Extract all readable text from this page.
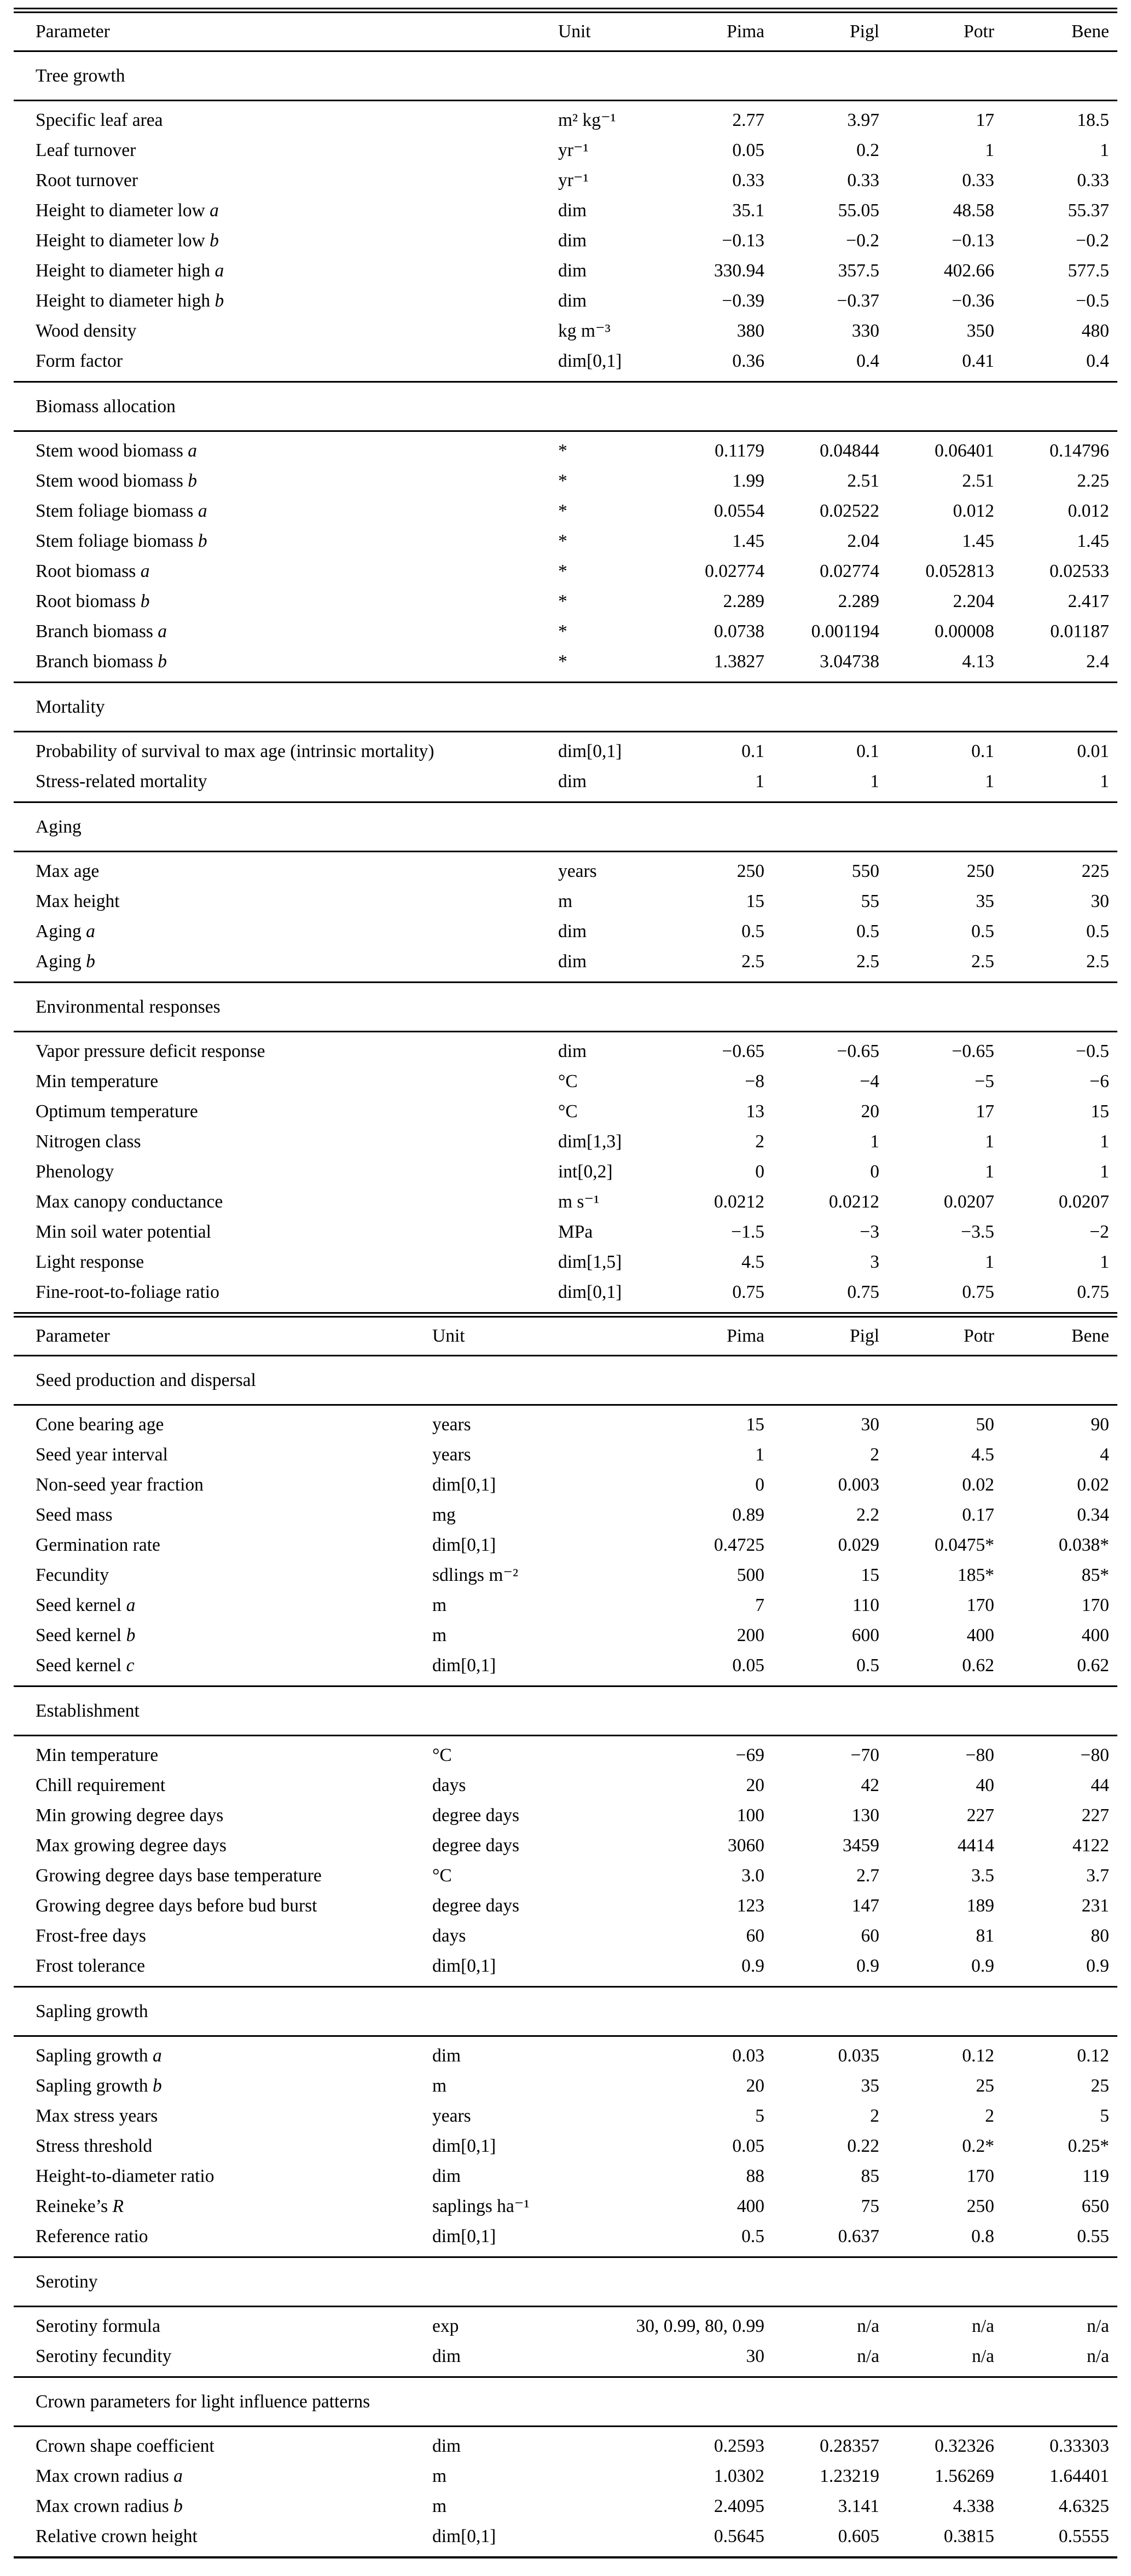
Parameter	Unit	Pima	Pigl	Potr	Bene
Tree growth
Specific leaf area	m² kg⁻¹	2.77	3.97	17	18.5
Leaf turnover	yr⁻¹	0.05	0.2	1	1
Root turnover	yr⁻¹	0.33	0.33	0.33	0.33
Height to diameter low a	dim	35.1	55.05	48.58	55.37
Height to diameter low b	dim	−0.13	−0.2	−0.13	−0.2
Height to diameter high a	dim	330.94	357.5	402.66	577.5
Height to diameter high b	dim	−0.39	−0.37	−0.36	−0.5
Wood density	kg m⁻³	380	330	350	480
Form factor	dim[0,1]	0.36	0.4	0.41	0.4
Biomass allocation
Stem wood biomass a	*	0.1179	0.04844	0.06401	0.14796
Stem wood biomass b	*	1.99	2.51	2.51	2.25
Stem foliage biomass a	*	0.0554	0.02522	0.012	0.012
Stem foliage biomass b	*	1.45	2.04	1.45	1.45
Root biomass a	*	0.02774	0.02774	0.052813	0.02533
Root biomass b	*	2.289	2.289	2.204	2.417
Branch biomass a	*	0.0738	0.001194	0.00008	0.01187
Branch biomass b	*	1.3827	3.04738	4.13	2.4
Mortality
Probability of survival to max age (intrinsic mortality)	dim[0,1]	0.1	0.1	0.1	0.01
Stress-related mortality	dim	1	1	1	1
Aging
Max age	years	250	550	250	225
Max height	m	15	55	35	30
Aging a	dim	0.5	0.5	0.5	0.5
Aging b	dim	2.5	2.5	2.5	2.5
Environmental responses
Vapor pressure deficit response	dim	−0.65	−0.65	−0.65	−0.5
Min temperature	°C	−8	−4	−5	−6
Optimum temperature	°C	13	20	17	15
Nitrogen class	dim[1,3]	2	1	1	1
Phenology	int[0,2]	0	0	1	1
Max canopy conductance	m s⁻¹	0.0212	0.0212	0.0207	0.0207
Min soil water potential	MPa	−1.5	−3	−3.5	−2
Light response	dim[1,5]	4.5	3	1	1
Fine-root-to-foliage ratio	dim[0,1]	0.75	0.75	0.75	0.75
Parameter	Unit	Pima	Pigl	Potr	Bene
Seed production and dispersal
Cone bearing age	years	15	30	50	90
Seed year interval	years	1	2	4.5	4
Non-seed year fraction	dim[0,1]	0	0.003	0.02	0.02
Seed mass	mg	0.89	2.2	0.17	0.34
Germination rate	dim[0,1]	0.4725	0.029	0.0475*	0.038*
Fecundity	sdlings m⁻²	500	15	185*	85*
Seed kernel a	m	7	110	170	170
Seed kernel b	m	200	600	400	400
Seed kernel c	dim[0,1]	0.05	0.5	0.62	0.62
Establishment
Min temperature	°C	−69	−70	−80	−80
Chill requirement	days	20	42	40	44
Min growing degree days	degree days	100	130	227	227
Max growing degree days	degree days	3060	3459	4414	4122
Growing degree days base temperature	°C	3.0	2.7	3.5	3.7
Growing degree days before bud burst	degree days	123	147	189	231
Frost-free days	days	60	60	81	80
Frost tolerance	dim[0,1]	0.9	0.9	0.9	0.9
Sapling growth
Sapling growth a	dim	0.03	0.035	0.12	0.12
Sapling growth b	m	20	35	25	25
Max stress years	years	5	2	2	5
Stress threshold	dim[0,1]	0.05	0.22	0.2*	0.25*
Height-to-diameter ratio	dim	88	85	170	119
Reineke’s R	saplings ha⁻¹	400	75	250	650
Reference ratio	dim[0,1]	0.5	0.637	0.8	0.55
Serotiny
Serotiny formula	exp	30, 0.99, 80, 0.99	n/a	n/a	n/a
Serotiny fecundity	dim	30	n/a	n/a	n/a
Crown parameters for light influence patterns
Crown shape coefficient	dim	0.2593	0.28357	0.32326	0.33303
Max crown radius a	m	1.0302	1.23219	1.56269	1.64401
Max crown radius b	m	2.4095	3.141	4.338	4.6325
Relative crown height	dim[0,1]	0.5645	0.605	0.3815	0.5555
